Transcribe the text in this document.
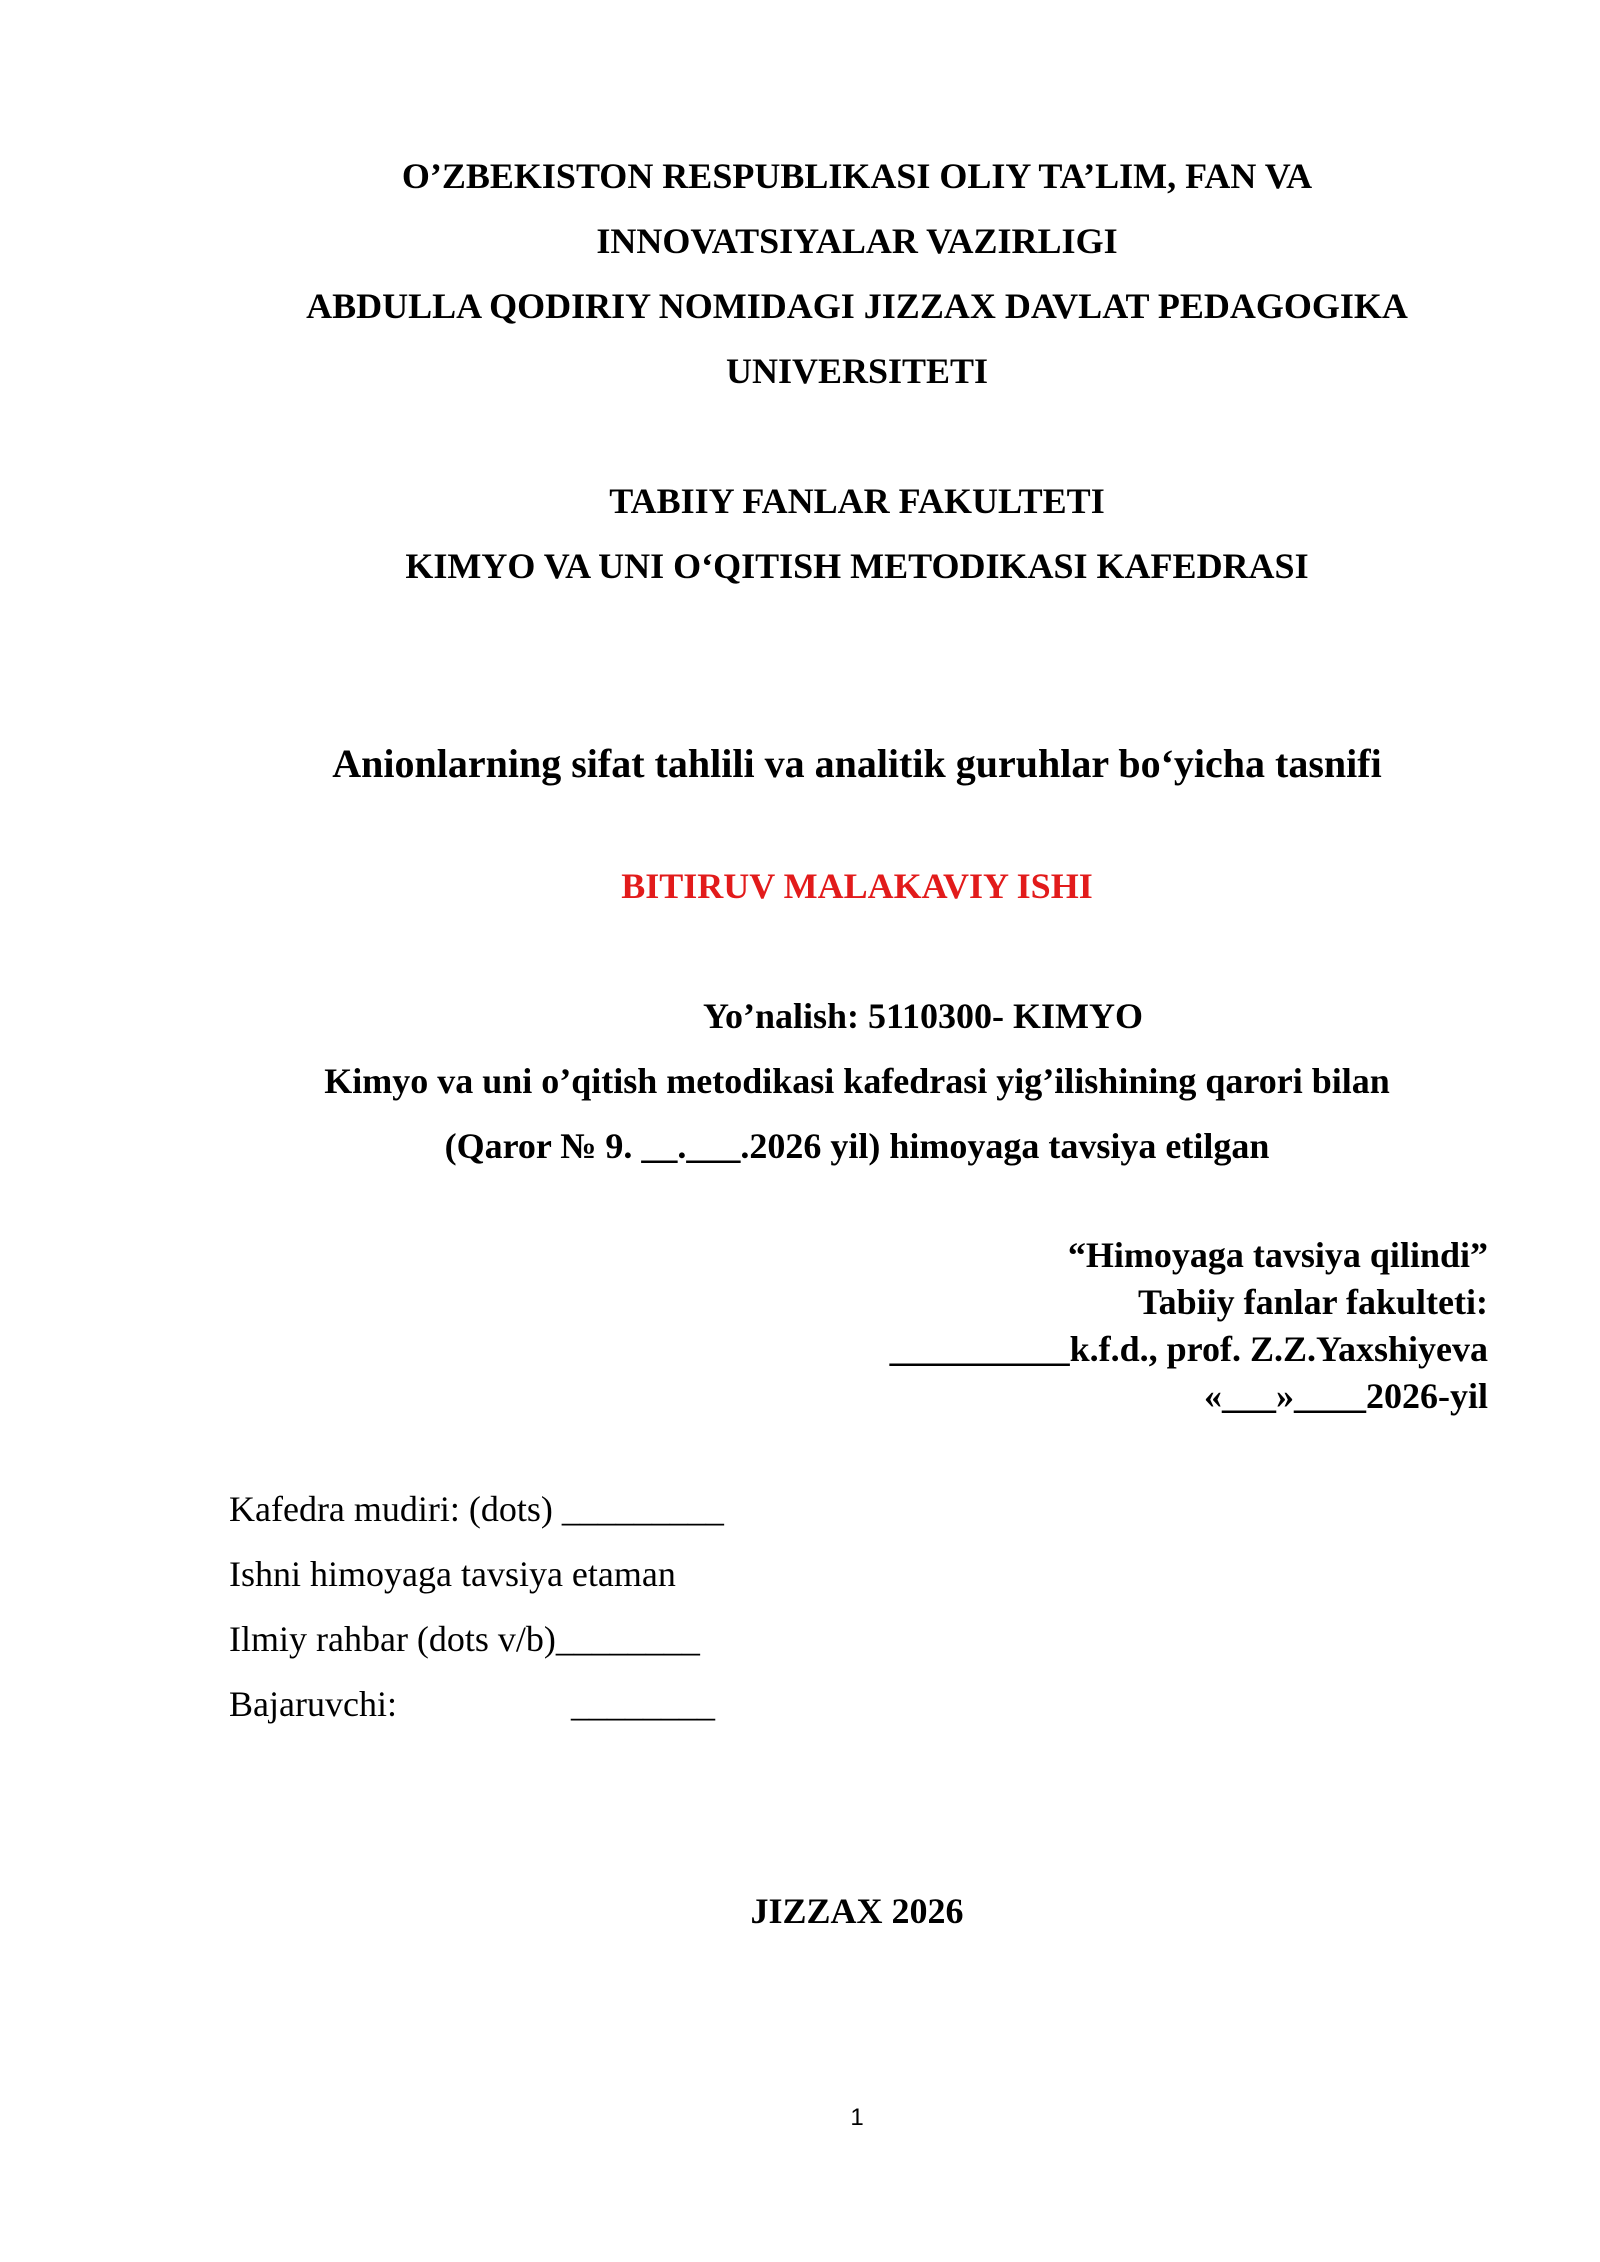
O’ZBEKISTON RESPUBLIKASI OLIY TA’LIM, FAN VA
INNOVATSIYALAR VAZIRLIGI
ABDULLA QODIRIY NOMIDAGI JIZZAX DAVLAT PEDAGOGIKA
UNIVERSITETI
TABIIY FANLAR FAKULTETI
KIMYO VA UNI O‘QITISH METODIKASI KAFEDRASI
Anionlarning sifat tahlili va analitik guruhlar bo‘yicha tasnifi
BITIRUV MALAKAVIY ISHI
Yo’nalish: 5110300- KIMYO
Kimyo va uni o’qitish metodikasi kafedrasi yig’ilishining qarori bilan
(Qaror № 9. __.___.2026 yil) himoyaga tavsiya etilgan
“Himoyaga tavsiya qilindi”
Tabiiy fanlar fakulteti:
__________k.f.d., prof. Z.Z.Yaxshiyeva
«___»____2026-yil
Kafedra mudiri: (dots) _________
Ishni himoyaga tavsiya etaman
Ilmiy rahbar (dots v/b)________
Bajaruvchi:	________
JIZZAX 2026
1
